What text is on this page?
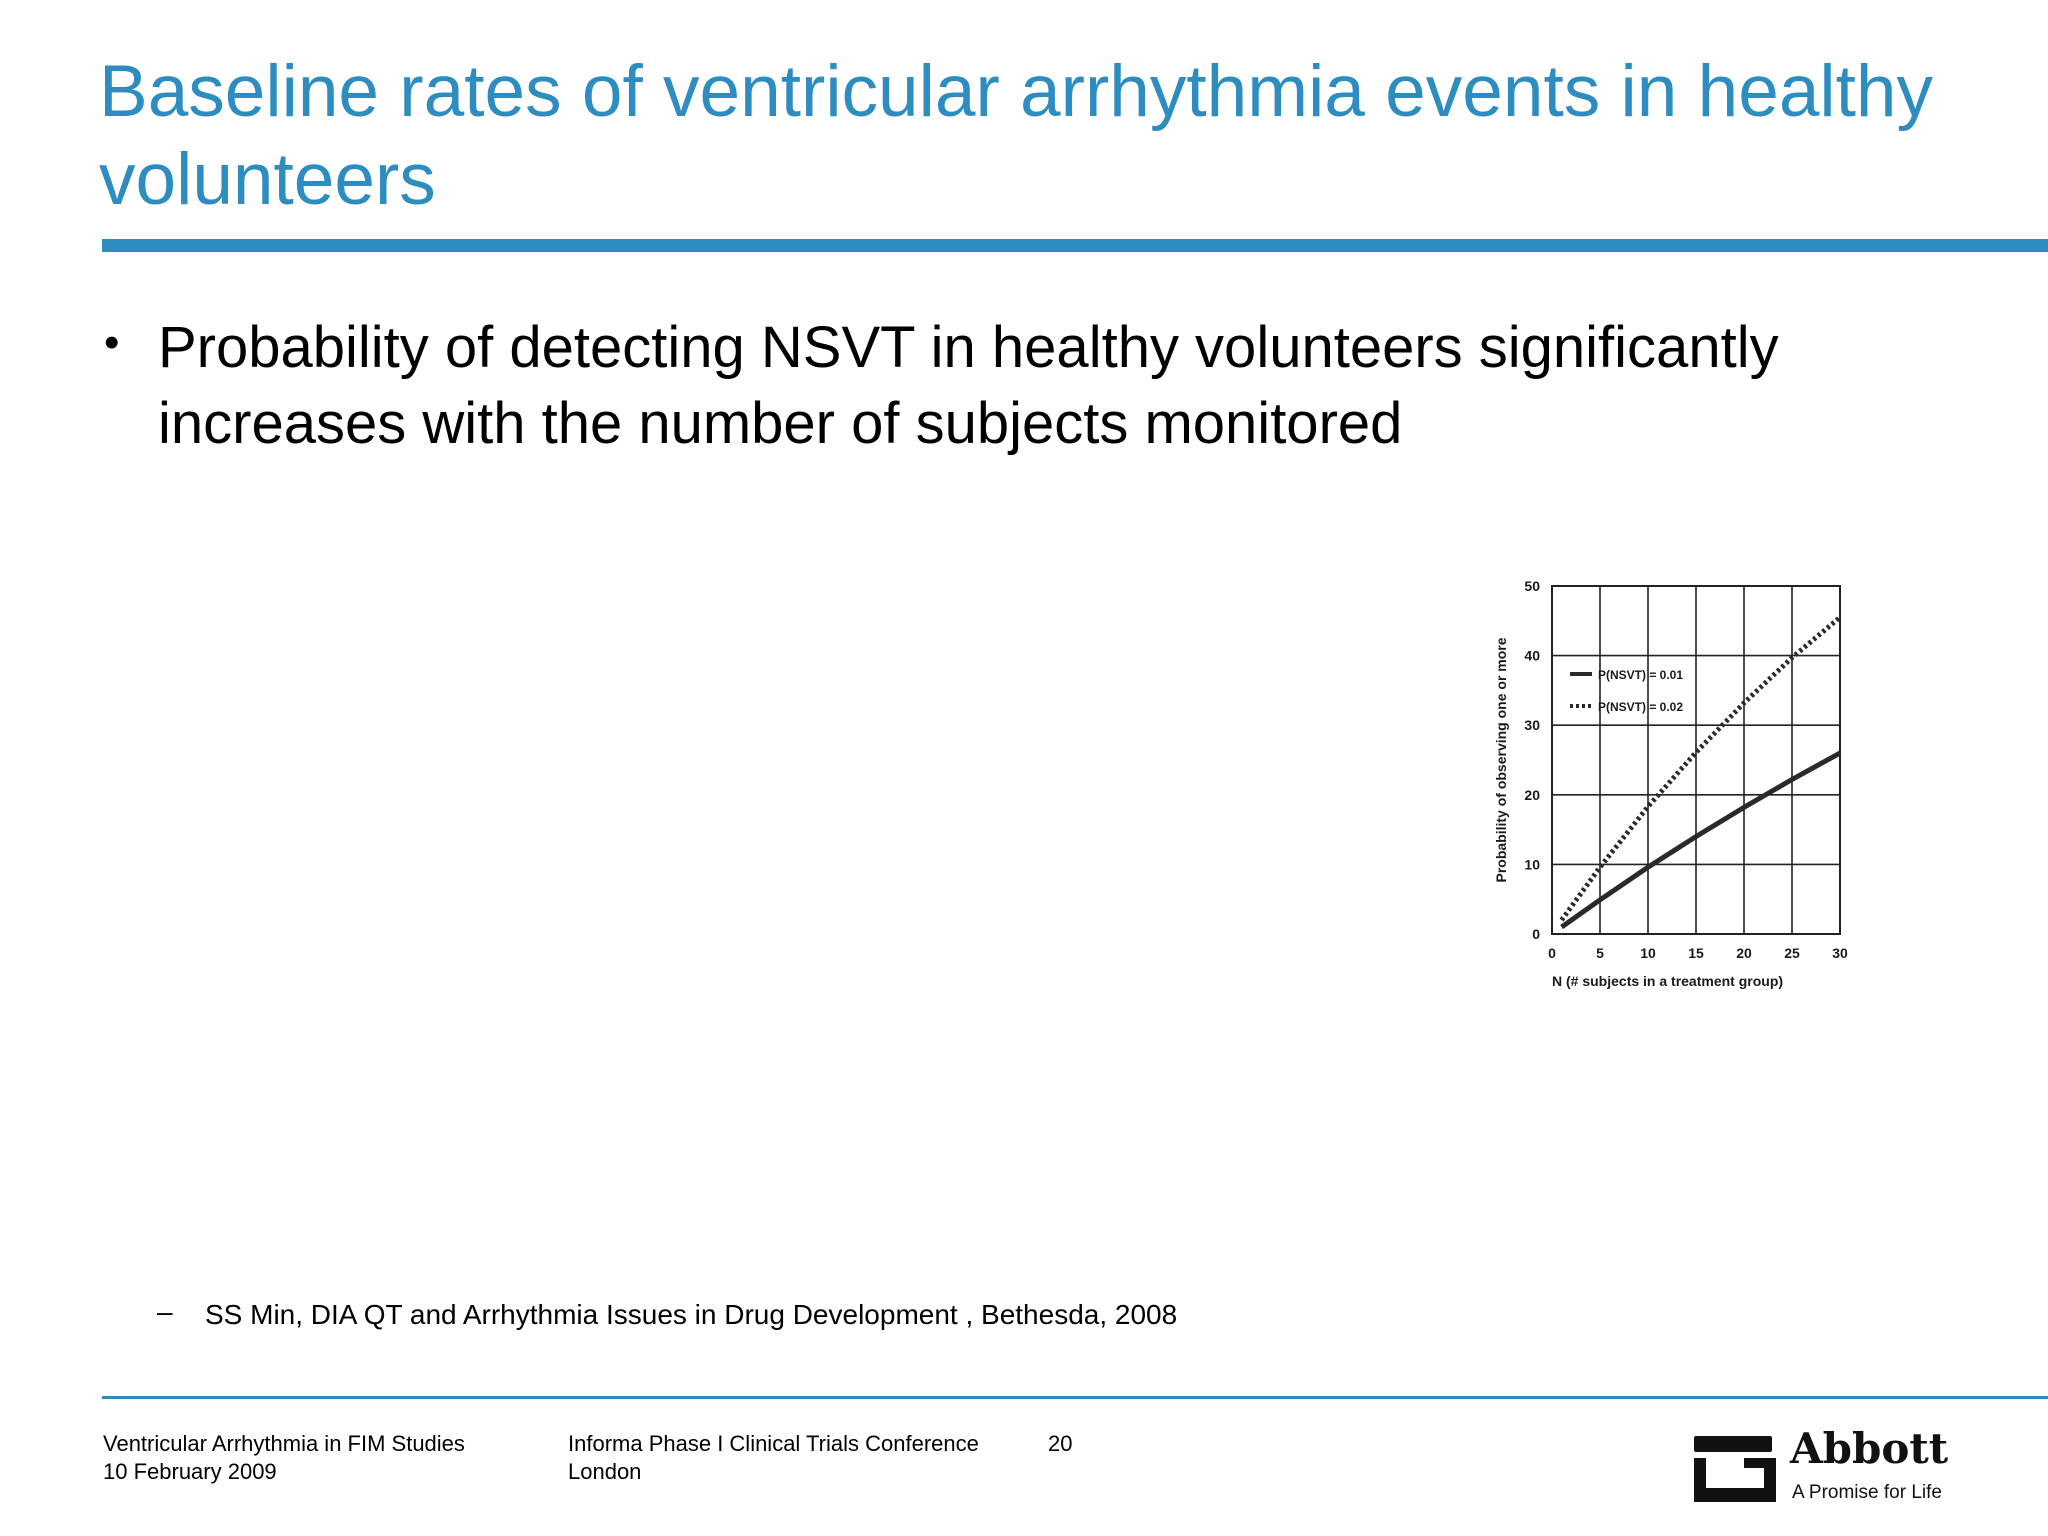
Baseline rates of ventricular arrhythmia events in healthy volunteers
• Probability of detecting NSVT in healthy volunteers significantly increases with the number of subjects monitored
0	5	10 15 20 25 30
0
10
20
30
40
50
N (# subjects in a treatment group)
Probability of observing one or more	P(NSVT) = 0.01
P(NSVT) = 0.02
– SS Min, DIA QT and Arrhythmia Issues in Drug Development , Bethesda, 2008
Ventricular Arrhythmia in FIM Studies
10 February 2009
Informa Phase I Clinical Trials Conference
London
20	Abbott
A Promise for Life
